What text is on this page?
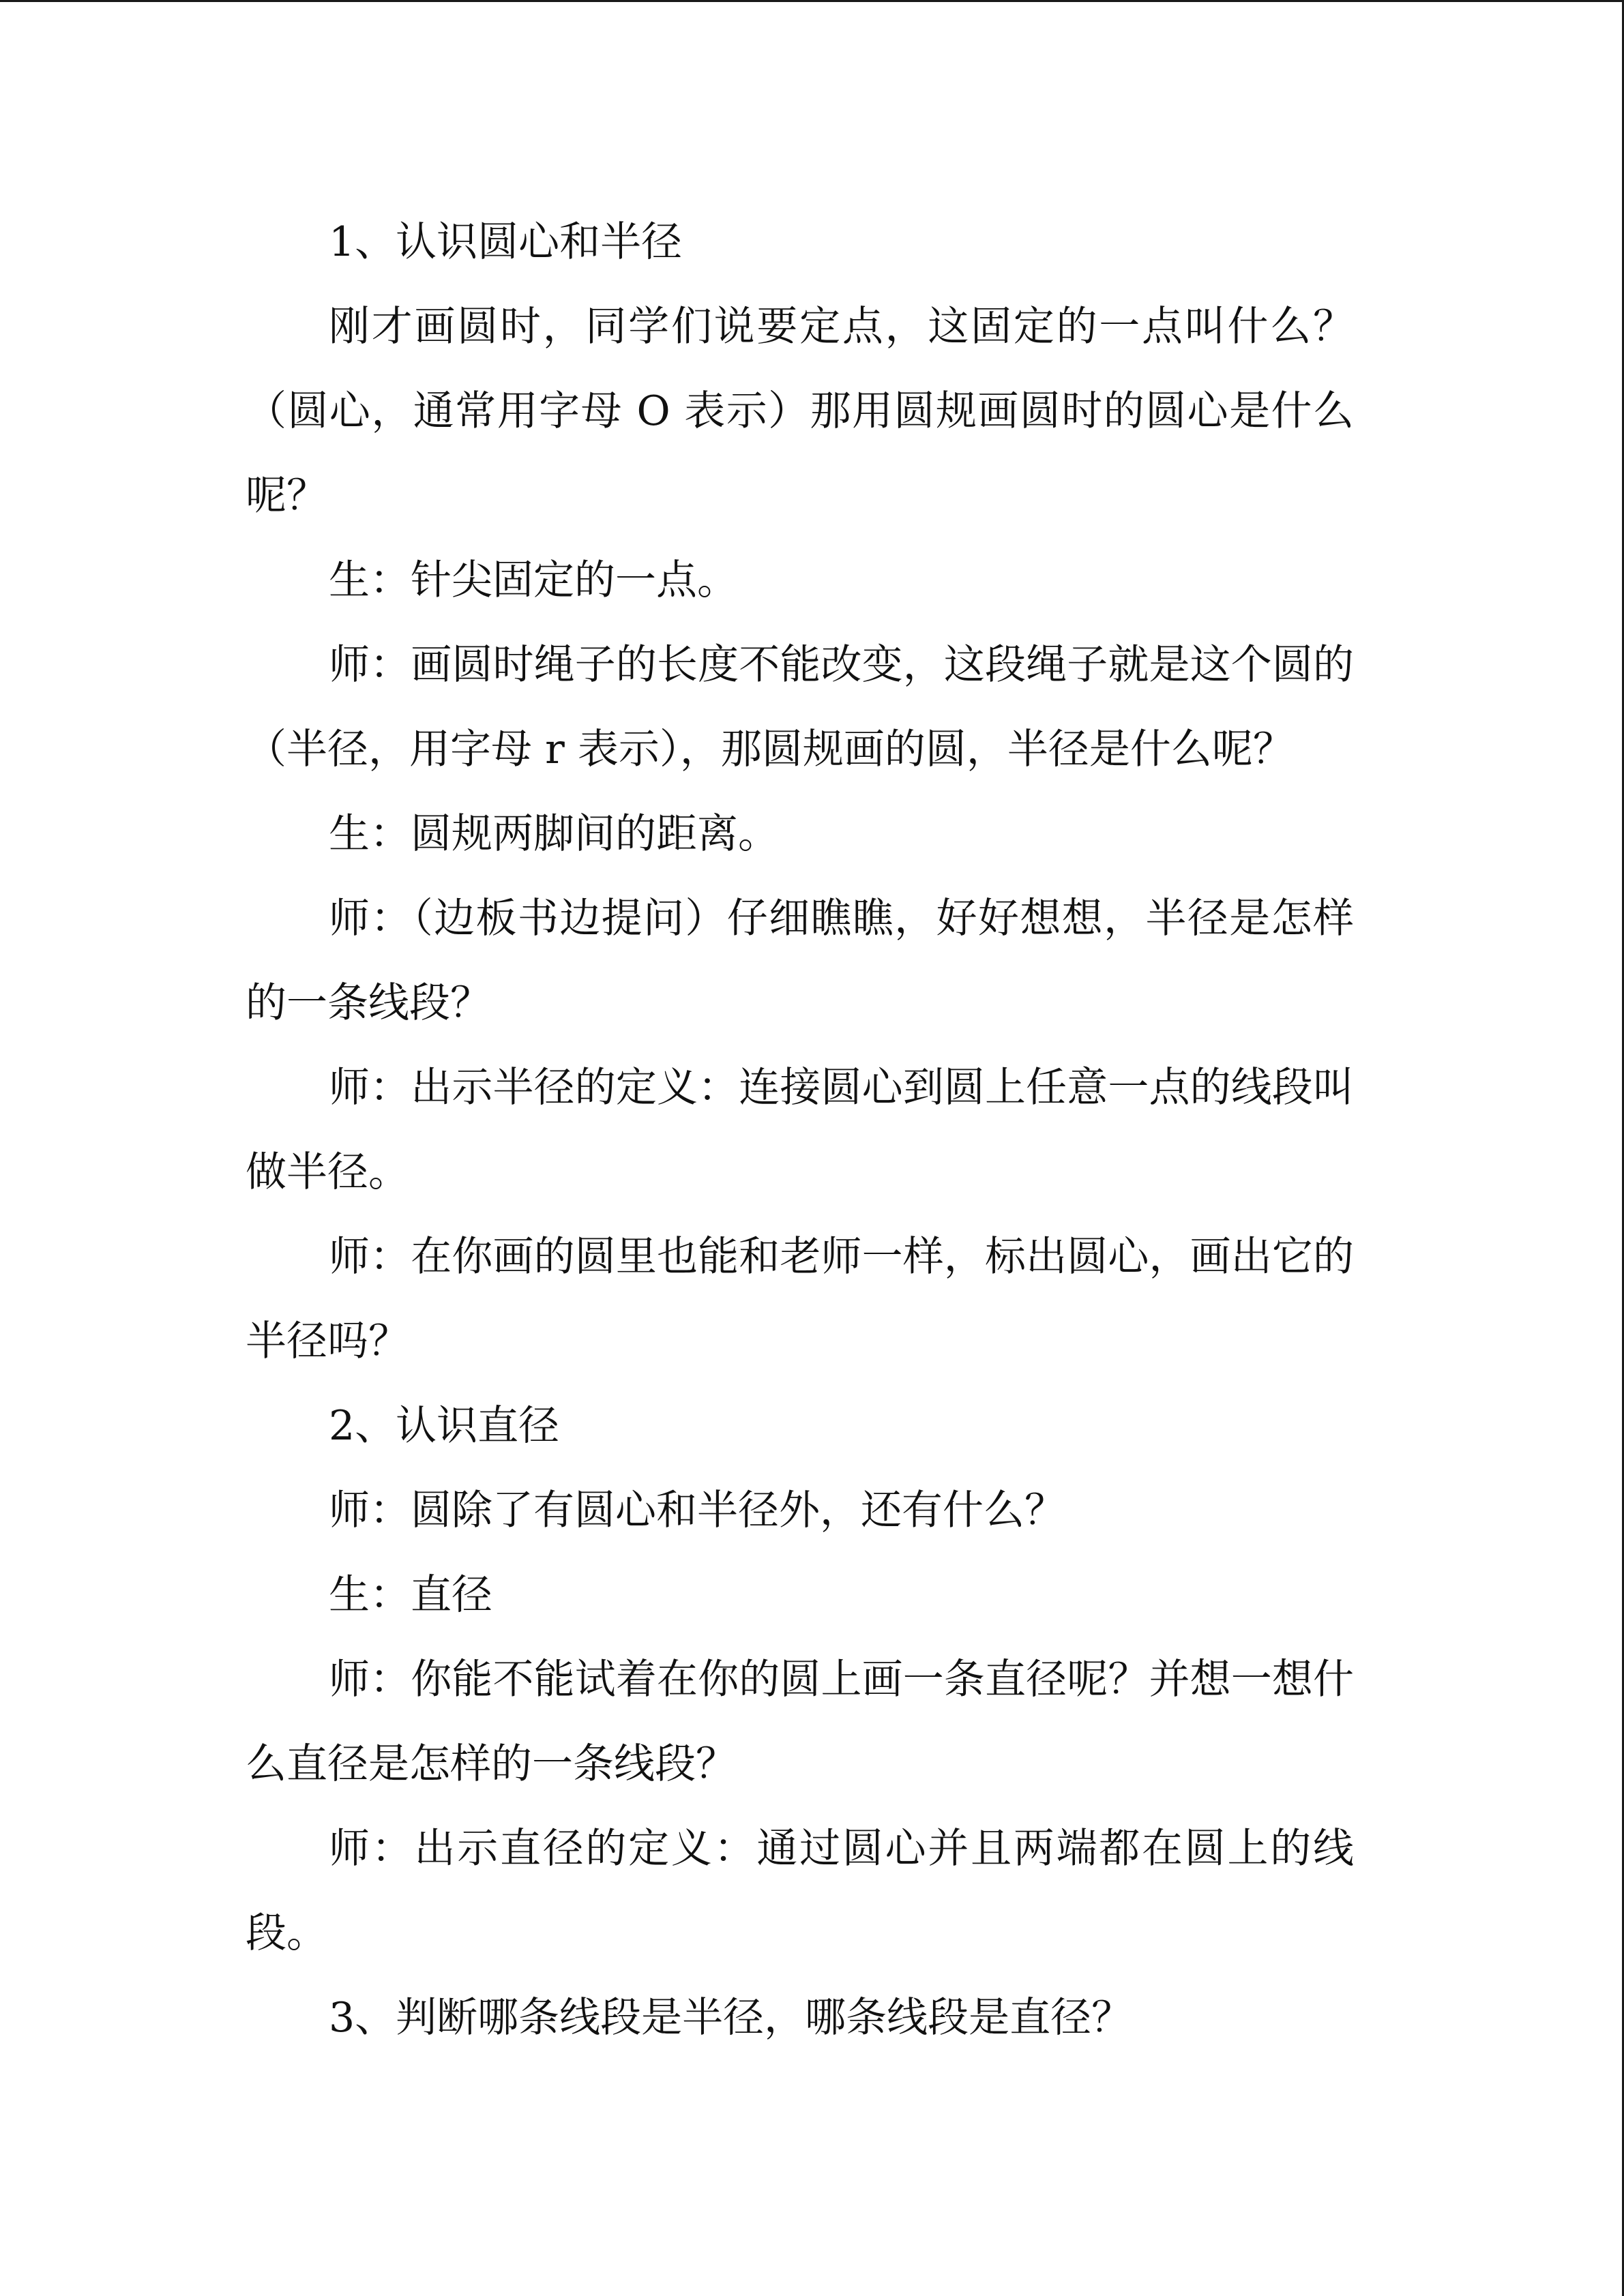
1、认识圆心和半径

刚才画圆时，同学们说要定点，这固定的一点叫什么？（圆心，通常用字母 O 表示）那用圆规画圆时的圆心是什么呢？

生：针尖固定的一点。

师：画圆时绳子的长度不能改变，这段绳子就是这个圆的（半径，用字母 r 表示），那圆规画的圆，半径是什么呢？

生：圆规两脚间的距离。

师：（边板书边提问）仔细瞧瞧，好好想想，半径是怎样的一条线段？

师：出示半径的定义：连接圆心到圆上任意一点的线段叫做半径。

师：在你画的圆里也能和老师一样，标出圆心，画出它的半径吗？

2、认识直径

师：圆除了有圆心和半径外，还有什么？

生：直径

师：你能不能试着在你的圆上画一条直径呢？并想一想什么直径是怎样的一条线段？

师：出示直径的定义：通过圆心并且两端都在圆上的线段。

3、判断哪条线段是半径，哪条线段是直径？
